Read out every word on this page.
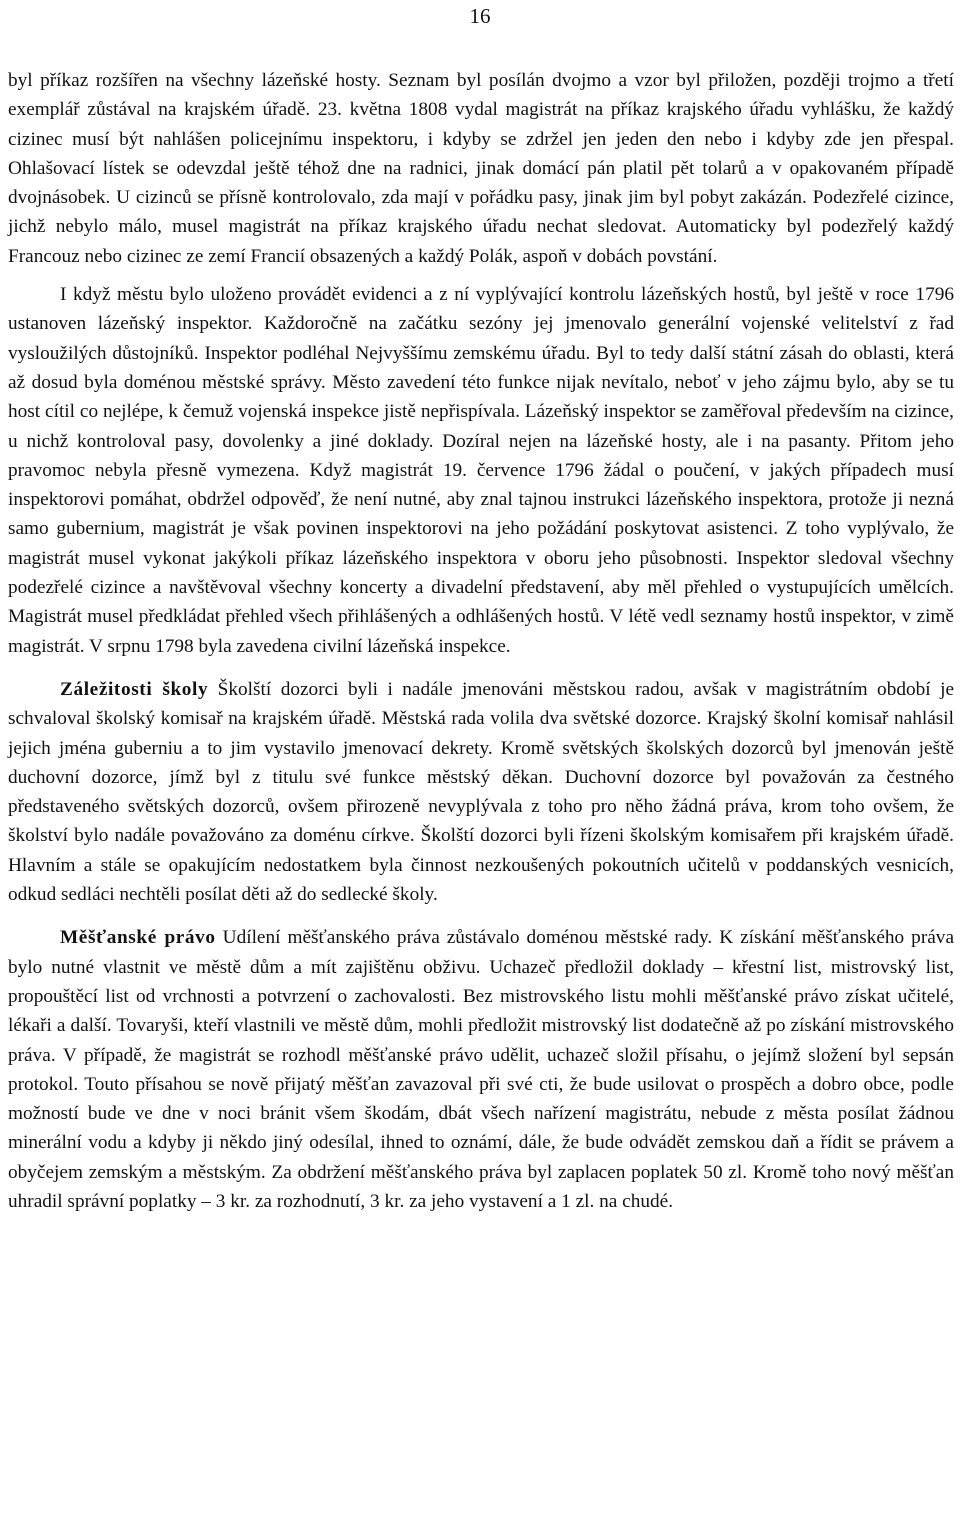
16

byl příkaz rozšířen na všechny lázeňské hosty. Seznam byl posílán dvojmo a vzor byl přiložen, později trojmo a třetí exemplář zůstával na krajském úřadě. 23. května 1808 vydal magistrát na příkaz krajského úřadu vyhlášku, že každý cizinec musí být nahlášen policejnímu inspektoru, i kdyby se zdržel jen jeden den nebo i kdyby zde jen přespal. Ohlašovací lístek se odevzdal ještě téhož dne na radnici, jinak domácí pán platil pět tolarů a v opakovaném případě dvojnásobek. U cizinců se přísně kontrolovalo, zda mají v pořádku pasy, jinak jim byl pobyt zakázán. Podezřelé cizince, jichž nebylo málo, musel magistrát na příkaz krajského úřadu nechat sledovat. Automaticky byl podezřelý každý Francouz nebo cizinec ze zemí Francií obsazených a každý Polák, aspoň v dobách povstání.

I když městu bylo uloženo provádět evidenci a z ní vyplývající kontrolu lázeňských hostů, byl ještě v roce 1796 ustanoven lázeňský inspektor. Každoročně na začátku sezóny jej jmenovalo generální vojenské velitelství z řad vysloužilých důstojníků. Inspektor podléhal Nejvyššímu zemskému úřadu. Byl to tedy další státní zásah do oblasti, která až dosud byla doménou městské správy. Město zavedení této funkce nijak nevítalo, neboť v jeho zájmu bylo, aby se tu host cítil co nejlépe, k čemuž vojenská inspekce jistě nepřispívala. Lázeňský inspektor se zaměřoval především na cizince, u nichž kontroloval pasy, dovolenky a jiné doklady. Dozíral nejen na lázeňské hosty, ale i na pasanty. Přitom jeho pravomoc nebyla přesně vymezena. Když magistrát 19. července 1796 žádal o poučení, v jakých případech musí inspektorovi pomáhat, obdržel odpověď, že není nutné, aby znal tajnou instrukci lázeňského inspektora, protože ji nezná samo gubernium, magistrát je však povinen inspektorovi na jeho požádání poskytovat asistenci. Z toho vyplývalo, že magistrát musel vykonat jakýkoli příkaz lázeňského inspektora v oboru jeho působnosti. Inspektor sledoval všechny podezřelé cizince a navštěvoval všechny koncerty a divadelní představení, aby měl přehled o vystupujících umělcích. Magistrát musel předkládat přehled všech přihlášených a odhlášených hostů. V létě vedl seznamy hostů inspektor, v zimě magistrát. V srpnu 1798 byla zavedena civilní lázeňská inspekce.

Záležitosti školy Školští dozorci byli i nadále jmenováni městskou radou, avšak v magistrátním období je schvaloval školský komisař na krajském úřadě. Městská rada volila dva světské dozorce. Krajský školní komisař nahlásil jejich jména guberniu a to jim vystavilo jmenovací dekrety. Kromě světských školských dozorců byl jmenován ještě duchovní dozorce, jímž byl z titulu své funkce městský děkan. Duchovní dozorce byl považován za čestného představeného světských dozorců, ovšem přirozeně nevyplývala z toho pro něho žádná práva, krom toho ovšem, že školství bylo nadále považováno za doménu církve. Školští dozorci byli řízeni školským komisařem při krajském úřadě. Hlavním a stále se opakujícím nedostatkem byla činnost nezkoušených pokoutních učitelů v poddanských vesnicích, odkud sedláci nechtěli posílat děti až do sedlecké školy.

Měšťanské právo Udílení měšťanského práva zůstávalo doménou městské rady. K získání měšťanského práva bylo nutné vlastnit ve městě dům a mít zajištěnu obživu. Uchazeč předložil doklady – křestní list, mistrovský list, propouštěcí list od vrchnosti a potvrzení o zachovalosti. Bez mistrovského listu mohli měšťanské právo získat učitelé, lékaři a další. Tovaryši, kteří vlastnili ve městě dům, mohli předložit mistrovský list dodatečně až po získání mistrovského práva. V případě, že magistrát se rozhodl měšťanské právo udělit, uchazeč složil přísahu, o jejímž složení byl sepsán protokol. Touto přísahou se nově přijatý měšťan zavazoval při své cti, že bude usilovat o prospěch a dobro obce, podle možností bude ve dne v noci bránit všem škodám, dbát všech nařízení magistrátu, nebude z města posílat žádnou minerální vodu a kdyby ji někdo jiný odesílal, ihned to oznámí, dále, že bude odvádět zemskou daň a řídit se právem a obyčejem zemským a městským. Za obdržení měšťanského práva byl zaplacen poplatek 50 zl. Kromě toho nový měšťan uhradil správní poplatky – 3 kr. za rozhodnutí, 3 kr. za jeho vystavení a 1 zl. na chudé.
